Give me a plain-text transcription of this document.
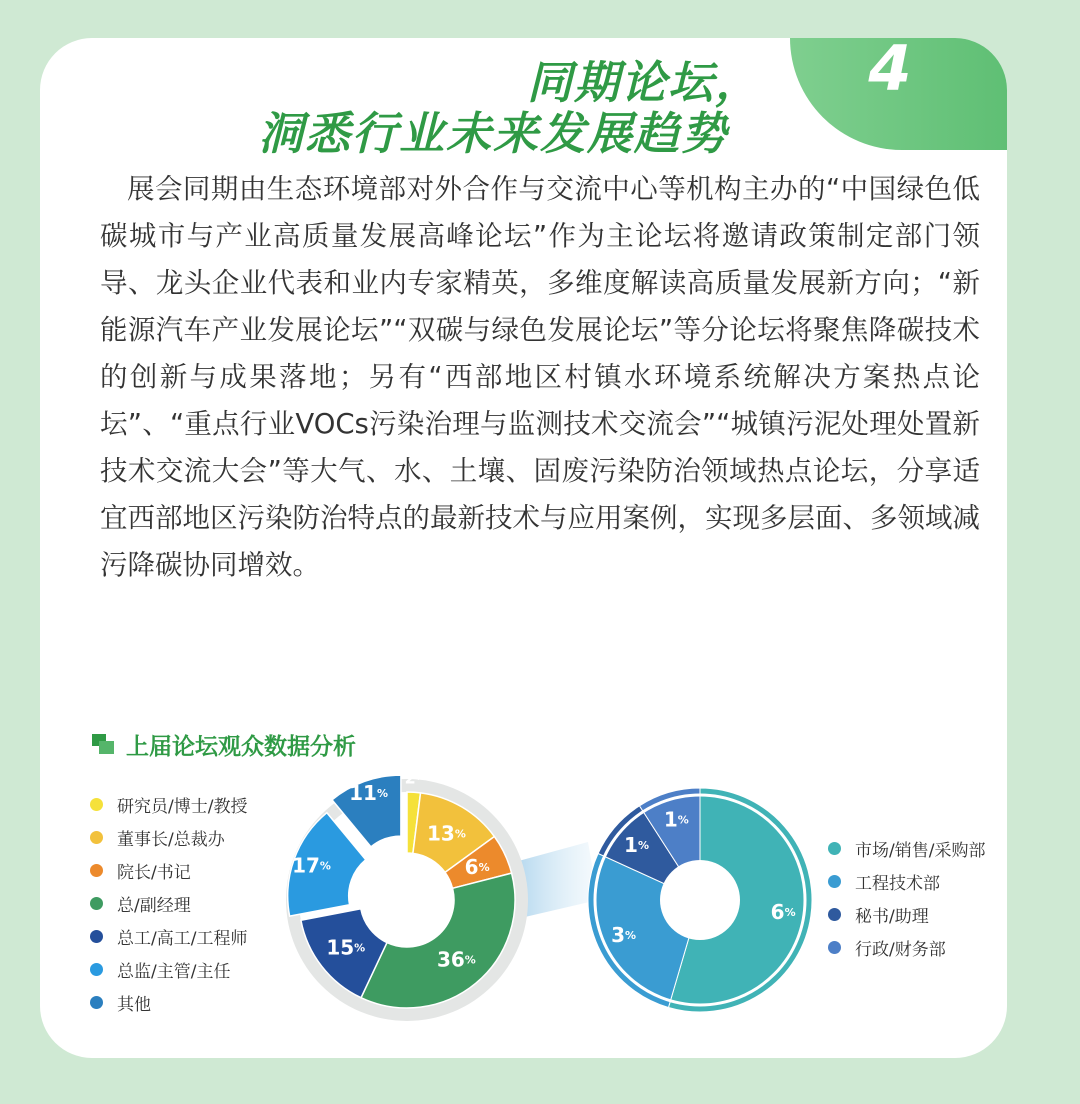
4
同期论坛，
洞悉行业未来发展趋势

展会同期由生态环境部对外合作与交流中心等机构主办的“中国绿色低碳城市与产业高质量发展高峰论坛”作为主论坛将邀请政策制定部门领导、龙头企业代表和业内专家精英，多维度解读高质量发展新方向；“新能源汽车产业发展论坛”“双碳与绿色发展论坛”等分论坛将聚焦降碳技术的创新与成果落地；另有“西部地区村镇水环境系统解决方案热点论坛”、“重点行业VOCs污染治理与监测技术交流会”“城镇污泥处理处置新技术交流大会”等大气、水、土壤、固废污染防治领域热点论坛，分享适宜西部地区污染防治特点的最新技术与应用案例，实现多层面、多领域减污降碳协同增效。

上届论坛观众数据分析
研究员/博士/教授
董事长/总裁办
院长/书记
总/副经理
总工/高工/工程师
总监/主管/主任
其他
市场/销售/采购部
工程技术部
秘书/助理
行政/财务部
2%
13%
6%
36%
15%
17%
11%
6%
3%
1%
1%
11%
